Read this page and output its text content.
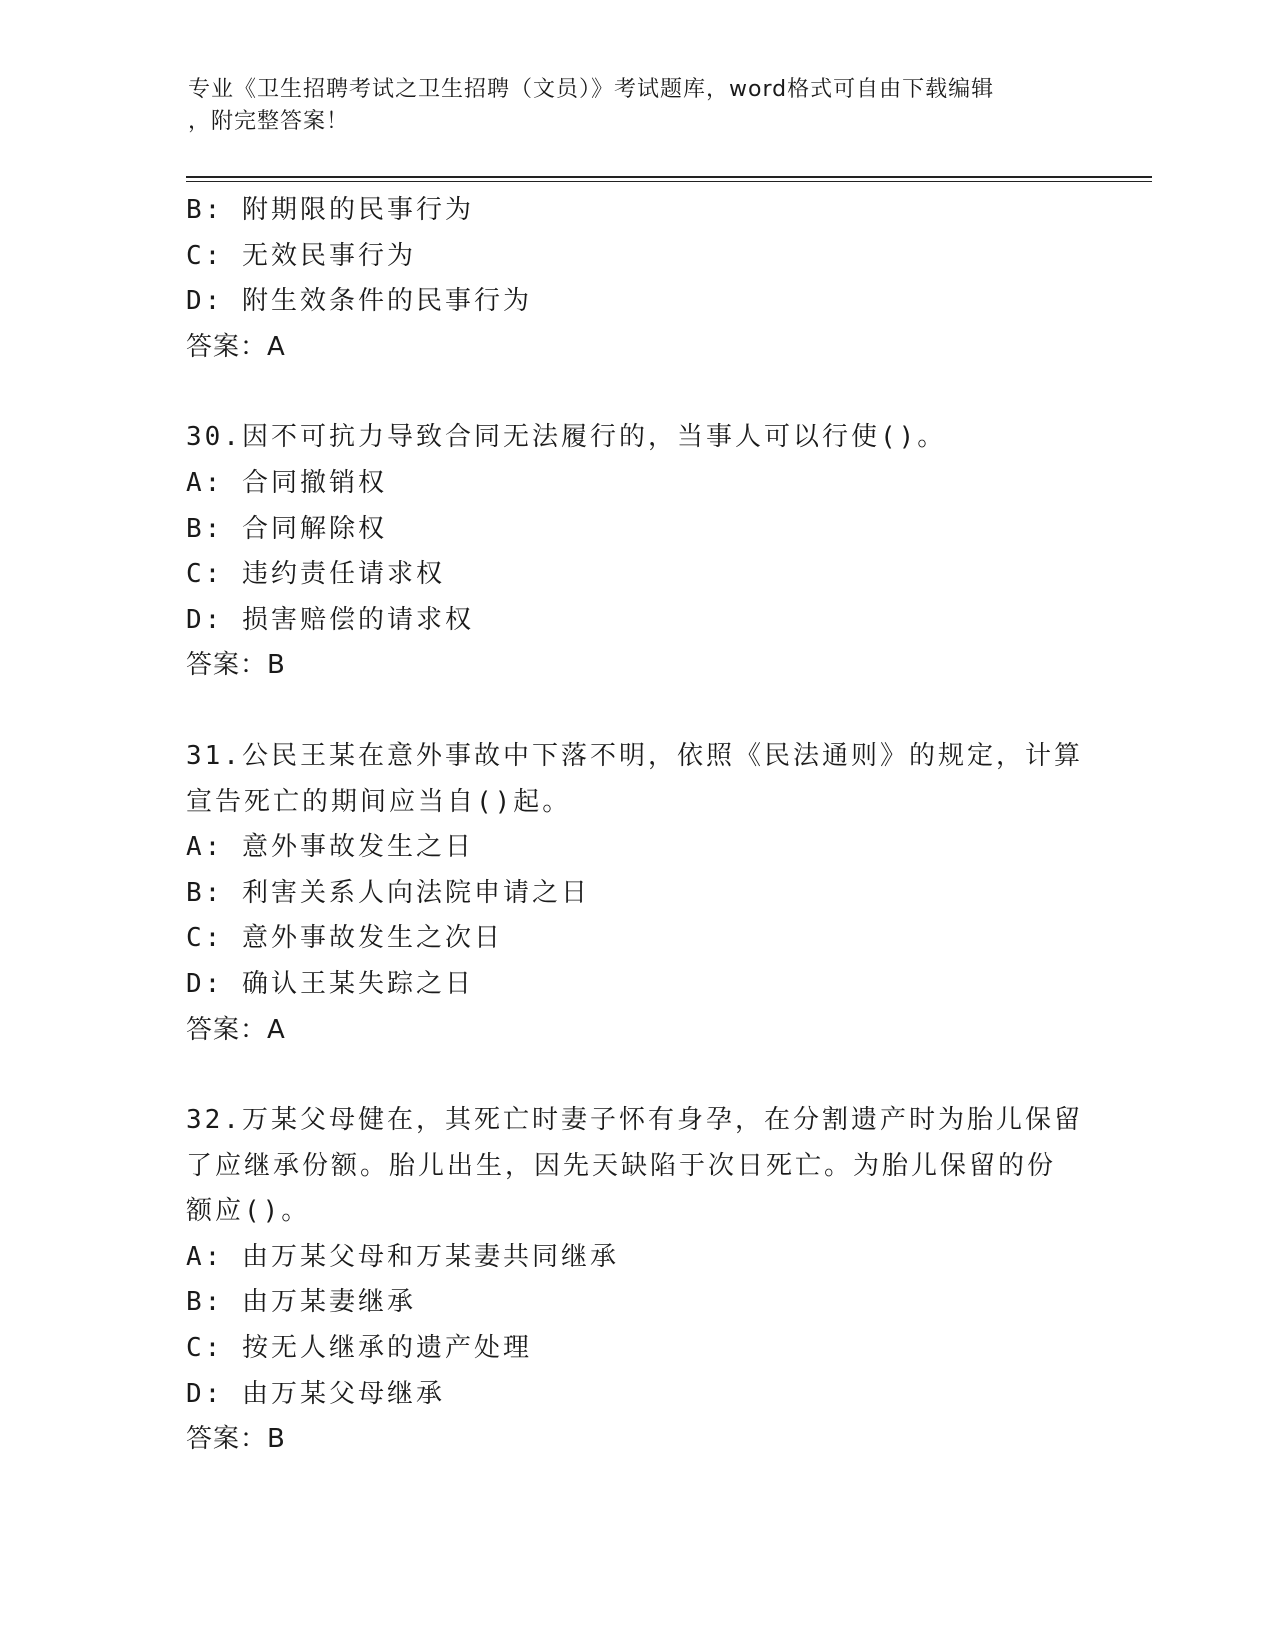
专业《卫生招聘考试之卫生招聘（文员）》考试题库，word格式可自由下载编辑
，附完整答案！
B: 附期限的民事行为
C: 无效民事行为
D: 附生效条件的民事行为
答案：A
30.因不可抗力导致合同无法履行的，当事人可以行使()。
A: 合同撤销权
B: 合同解除权
C: 违约责任请求权
D: 损害赔偿的请求权
答案：B
31.公民王某在意外事故中下落不明，依照《民法通则》的规定，计算
宣告死亡的期间应当自()起。
A: 意外事故发生之日
B: 利害关系人向法院申请之日
C: 意外事故发生之次日
D: 确认王某失踪之日
答案：A
32.万某父母健在，其死亡时妻子怀有身孕，在分割遗产时为胎儿保留
了应继承份额。胎儿出生，因先天缺陷于次日死亡。为胎儿保留的份
额应()。
A: 由万某父母和万某妻共同继承
B: 由万某妻继承
C: 按无人继承的遗产处理
D: 由万某父母继承
答案：B
